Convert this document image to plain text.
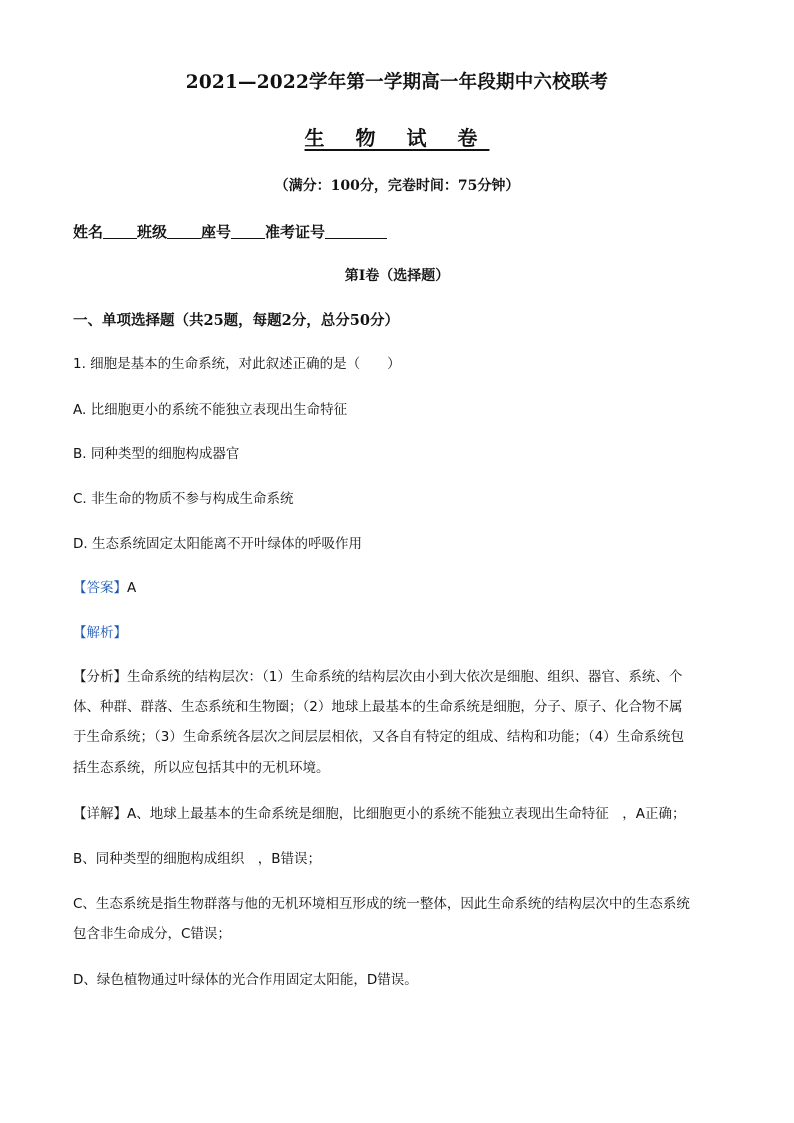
2021—2022学年第一学期高一年段期中六校联考
生 物 试 卷
（满分：100分，完卷时间：75分钟）
姓名 班级 座号 准考证号
第Ⅰ卷（选择题）
一、单项选择题（共25题，每题2分，总分50分）
1. 细胞是基本的生命系统，对此叙述正确的是（　　）
A. 比细胞更小的系统不能独立表现出生命特征
B. 同种类型的细胞构成器官
C. 非生命的物质不参与构成生命系统
D. 生态系统固定太阳能离不开叶绿体的呼吸作用
【答案】A
【解析】
【分析】生命系统的结构层次：（1）生命系统的结构层次由小到大依次是细胞、组织、器官、系统、个
体、种群、群落、生态系统和生物圈；（2）地球上最基本的生命系统是细胞，分子、原子、化合物不属
于生命系统；（3）生命系统各层次之间层层相依，又各自有特定的组成、结构和功能；（4）生命系统包
括生态系统，所以应包括其中的无机环境。
【详解】A、地球上最基本的生命系统是细胞，比细胞更小的系统不能独立表现出生命特征　，A正确；
B、同种类型的细胞构成组织　，B错误；
C、生态系统是指生物群落与他的无机环境相互形成的统一整体，因此生命系统的结构层次中的生态系统
包含非生命成分，C错误；
D、绿色植物通过叶绿体的光合作用固定太阳能，D错误。
